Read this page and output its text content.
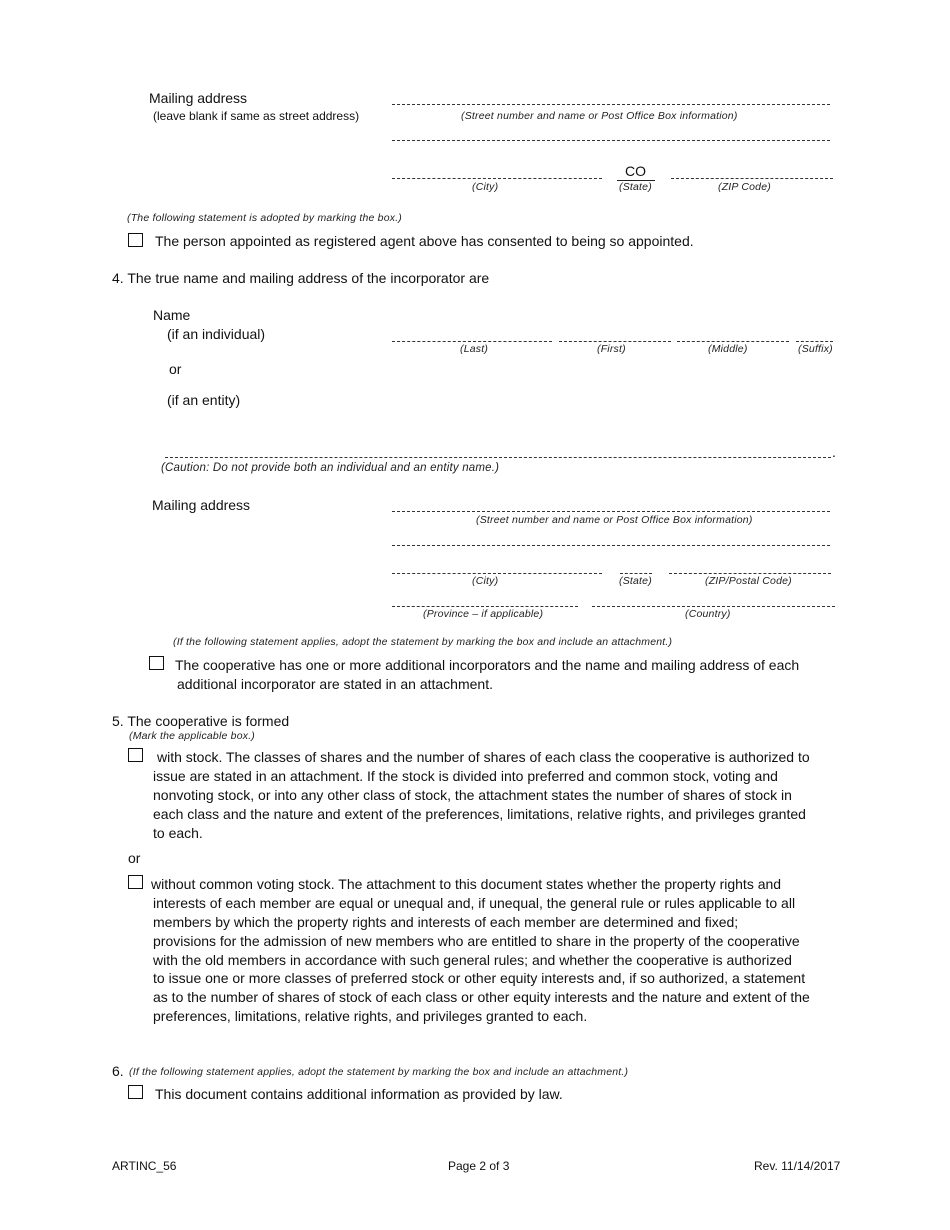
Mailing address
(leave blank if same as street address)	(Street number and name or Post Office Box information)
(City)
CO
(State)	(ZIP Code)
(The following statement is adopted by marking the box.)
The person appointed as registered agent above has consented to being so appointed.
4. The true name and mailing address of the incorporator are
Name
(if an individual)
(Last)	(First)	(Middle)	(Suffix)
or
(if an entity)
.
(Caution: Do not provide both an individual and an entity name.)
Mailing address
(Street number and name or Post Office Box information)
(City)	(State)	(ZIP/Postal Code)
(Province – if applicable)	(Country)
(If the following statement applies, adopt the statement by marking the box and include an attachment.)
The cooperative has one or more additional incorporators and the name and mailing address of each
additional incorporator are stated in an attachment.
5. The cooperative is formed
(Mark the applicable box.)
with stock. The classes of shares and the number of shares of each class the cooperative is authorized to
issue are stated in an attachment. If the stock is divided into preferred and common stock, voting and
nonvoting stock, or into any other class of stock, the attachment states the number of shares of stock in
each class and the nature and extent of the preferences, limitations, relative rights, and privileges granted
to each.
or
without common voting stock. The attachment to this document states whether the property rights and
interests of each member are equal or unequal and, if unequal, the general rule or rules applicable to all
members by which the property rights and interests of each member are determined and fixed;
provisions for the admission of new members who are entitled to share in the property of the cooperative
with the old members in accordance with such general rules; and whether the cooperative is authorized
to issue one or more classes of preferred stock or other equity interests and, if so authorized, a statement
as to the number of shares of stock of each class or other equity interests and the nature and extent of the
preferences, limitations, relative rights, and privileges granted to each.
6. (If the following statement applies, adopt the statement by marking the box and include an attachment.)
This document contains additional information as provided by law.
ARTINC_56	Page 2 of 3	Rev. 11/14/2017
